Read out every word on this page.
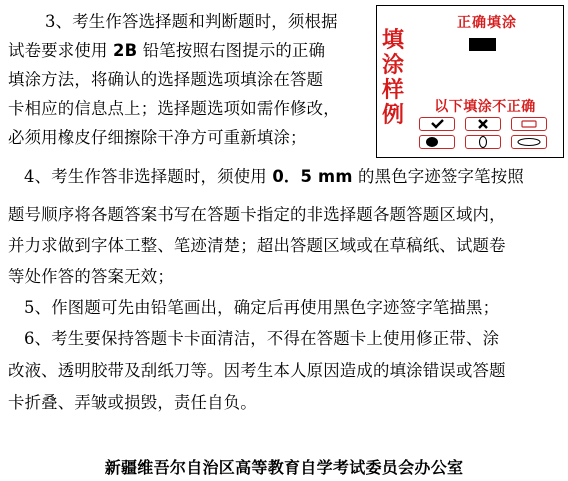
3、考生作答选择题和判断题时，须根据
试卷要求使用 2B 铅笔按照右图提示的正确
填涂方法，将确认的选择题选项填涂在答题
卡相应的信息点上；选择题选项如需作修改，
必须用橡皮仔细擦除干净方可重新填涂；
填
涂
样
例
正确填涂
以下填涂不正确
4、考生作答非选择题时，须使用 0．5 mm 的黑色字迹签字笔按照
题号顺序将各题答案书写在答题卡指定的非选择题各题答题区域内，
并力求做到字体工整、笔迹清楚；超出答题区域或在草稿纸、试题卷
等处作答的答案无效；
5、作图题可先由铅笔画出，确定后再使用黑色字迹签字笔描黑；
6、考生要保持答题卡卡面清洁，不得在答题卡上使用修正带、涂
改液、透明胶带及刮纸刀等。因考生本人原因造成的填涂错误或答题
卡折叠、弄皱或损毁，责任自负。
新疆维吾尔自治区高等教育自学考试委员会办公室
